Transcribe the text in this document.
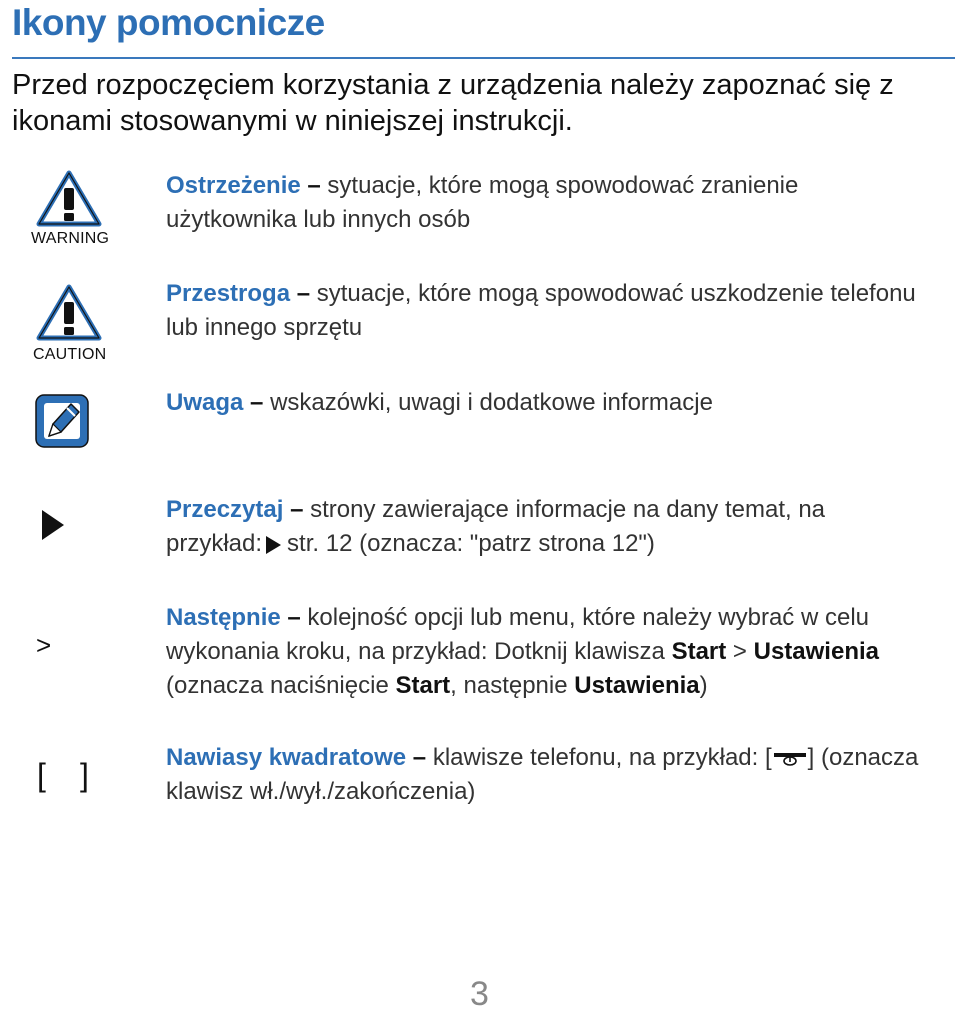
Ikony pomocnicze
Przed rozpoczęciem korzystania z urządzenia należy zapoznać się z ikonami stosowanymi w niniejszej instrukcji.
WARNING
CAUTION
>
[ ]
Ostrzeżenie – sytuacje, które mogą spowodować zranienie użytkownika lub innych osób
Przestroga – sytuacje, które mogą spowodować uszkodzenie telefonu lub innego sprzętu
Uwaga – wskazówki, uwagi i dodatkowe informacje
Przeczytaj – strony zawierające informacje na dany temat, na przykład: str. 12 (oznacza: "patrz strona 12")
Następnie – kolejność opcji lub menu, które należy wybrać w celu wykonania kroku, na przykład: Dotknij klawisza Start > Ustawienia (oznacza naciśnięcie Start, następnie Ustawienia)
Nawiasy kwadratowe – klawisze telefonu, na przykład: [ ] (oznacza klawisz wł./wył./zakończenia)
3
